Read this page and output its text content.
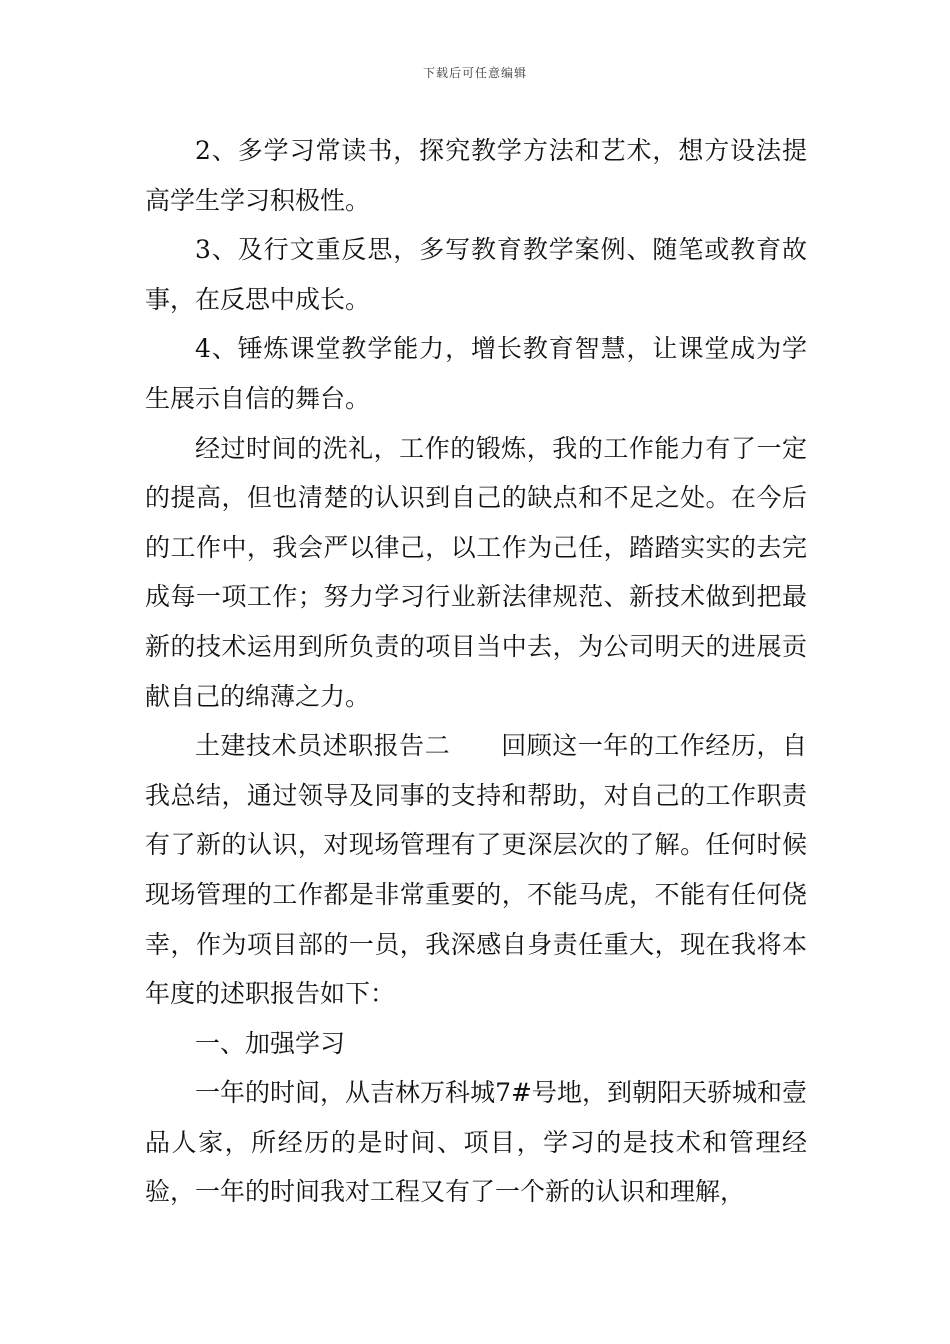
下载后可任意编辑

2、多学习常读书，探究教学方法和艺术，想方设法提高学生学习积极性。

3、及行文重反思，多写教育教学案例、随笔或教育故事，在反思中成长。

4、锤炼课堂教学能力，增长教育智慧，让课堂成为学生展示自信的舞台。

经过时间的洗礼，工作的锻炼，我的工作能力有了一定的提高，但也清楚的认识到自己的缺点和不足之处。在今后的工作中，我会严以律己，以工作为己任，踏踏实实的去完成每一项工作；努力学习行业新法律规范、新技术做到把最新的技术运用到所负责的项目当中去，为公司明天的进展贡献自己的绵薄之力。

土建技术员述职报告二　　回顾这一年的工作经历，自我总结，通过领导及同事的支持和帮助，对自己的工作职责有了新的认识，对现场管理有了更深层次的了解。任何时候现场管理的工作都是非常重要的，不能马虎，不能有任何侥幸，作为项目部的一员，我深感自身责任重大，现在我将本年度的述职报告如下：

一、加强学习

一年的时间，从吉林万科城7#号地，到朝阳天骄城和壹品人家，所经历的是时间、项目，学习的是技术和管理经验，一年的时间我对工程又有了一个新的认识和理解，
